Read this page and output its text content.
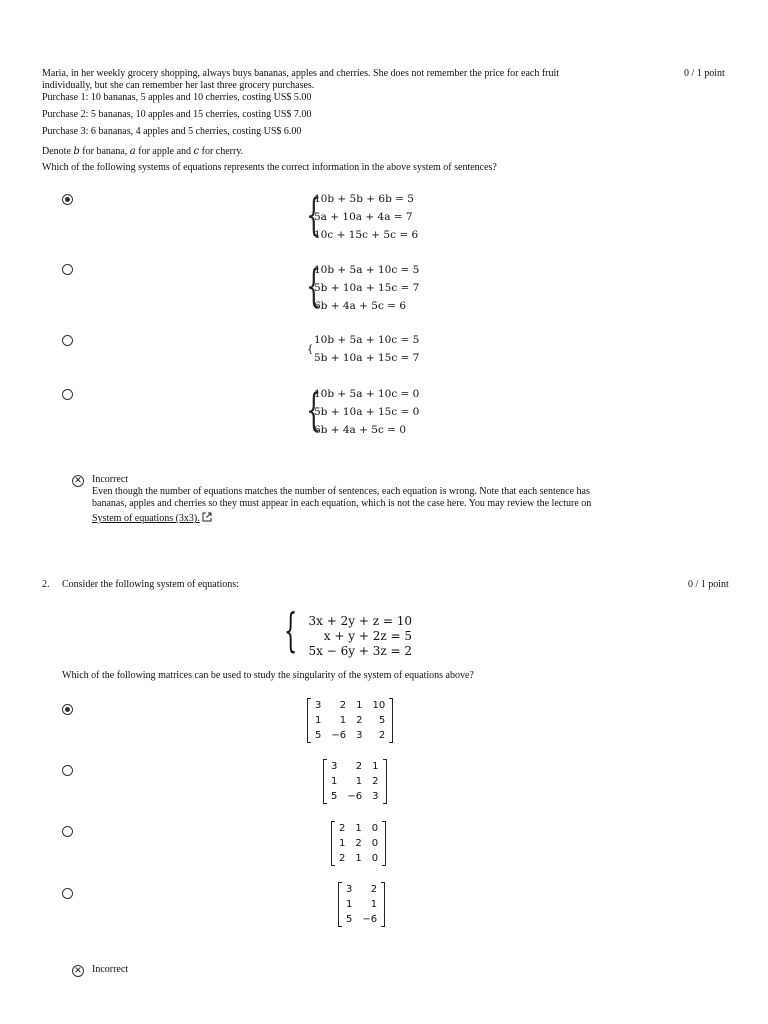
Maria, in her weekly grocery shopping, always buys bananas, apples and cherries. She does not remember the price for each fruit
individually, but she can remember her last three grocery purchases.
Purchase 1: 10 bananas, 5 apples and 10 cherries, costing US$ 5.00
0 / 1 point
Purchase 2: 5 bananas, 10 apples and 15 cherries, costing US$ 7.00
Purchase 3: 6 bananas, 4 apples and 5 cherries, costing US$ 6.00
Denote b for banana, a for apple and c for cherry.
Which of the following systems of equations represents the correct information in the above system of sentences?
{
10b + 5b + 6b = 5
5a + 10a + 4a = 7
10c + 15c + 5c = 6
{
10b + 5a + 10c = 5
5b + 10a + 15c = 7
6b + 4a + 5c = 6
{
10b + 5a + 10c = 5
5b + 10a + 15c = 7
{
10b + 5a + 10c = 0
5b + 10a + 15c = 0
6b + 4a + 5c = 0
✕ Incorrect
Even though the number of equations matches the number of sentences, each equation is wrong. Note that each sentence has
bananas, apples and cherries so they must appear in each equation, which is not the case here. You may review the lecture on
System of equations (3x3).
2. Consider the following system of equations:	0 / 1 point
{ 3x + 2y + z = 10
x + y + 2z = 5
5x − 6y + 3z = 2
Which of the following matrices can be used to study the singularity of the system of equations above?
3	2	1	10
1	1	2	5
5	−6	3	2
3	2	1
1	1	2
5	−6	3
2	1	0
1	2	0
2	1	0
3	2
1	1
5	−6
✕ Incorrect
